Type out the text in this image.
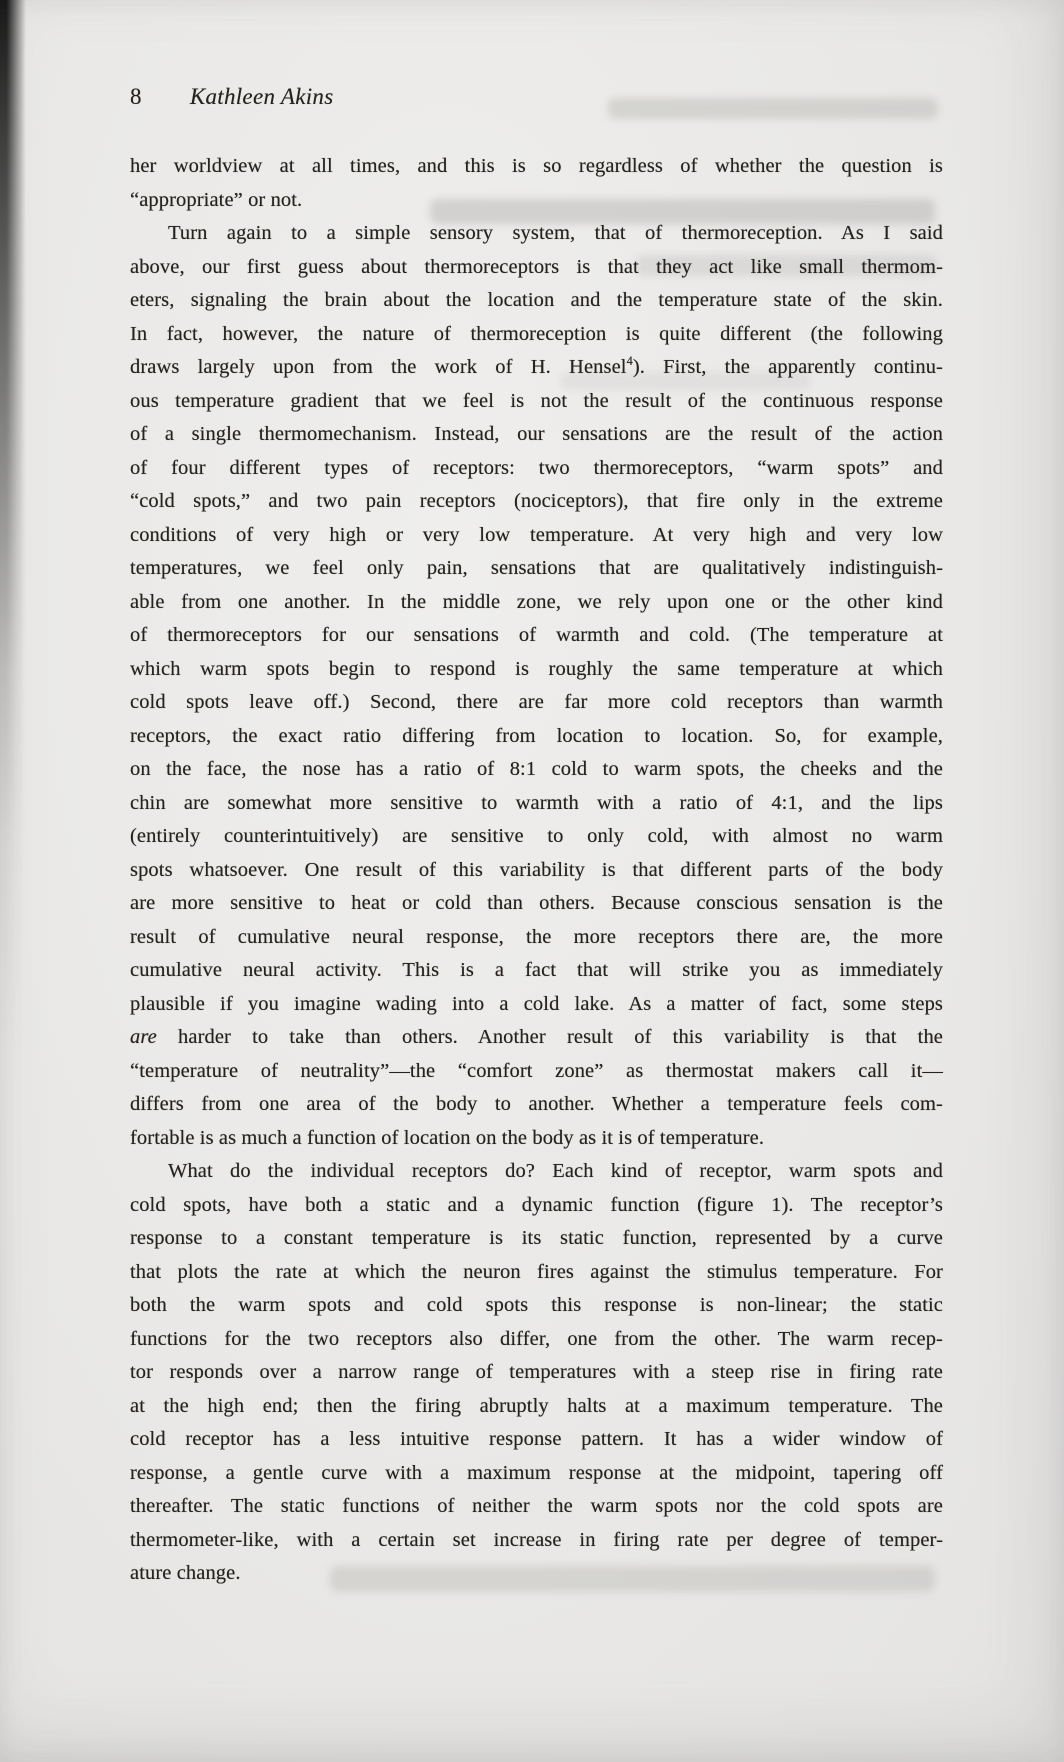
8 Kathleen Akins
her worldview at all times, and this is so regardless of whether the question is
“appropriate” or not.
Turn again to a simple sensory system, that of thermoreception. As I said
above, our first guess about thermoreceptors is that they act like small thermom-
eters, signaling the brain about the location and the temperature state of the skin.
In fact, however, the nature of thermoreception is quite different (the following
draws largely upon from the work of H. Hensel$^4$). First, the apparently continu-
ous temperature gradient that we feel is not the result of the continuous response
of a single thermomechanism. Instead, our sensations are the result of the action
of four different types of receptors: two thermoreceptors, “warm spots” and
“cold spots,” and two pain receptors (nociceptors), that fire only in the extreme
conditions of very high or very low temperature. At very high and very low
temperatures, we feel only pain, sensations that are qualitatively indistinguish-
able from one another. In the middle zone, we rely upon one or the other kind
of thermoreceptors for our sensations of warmth and cold. (The temperature at
which warm spots begin to respond is roughly the same temperature at which
cold spots leave off.) Second, there are far more cold receptors than warmth
receptors, the exact ratio differing from location to location. So, for example,
on the face, the nose has a ratio of 8:1 cold to warm spots, the cheeks and the
chin are somewhat more sensitive to warmth with a ratio of 4:1, and the lips
(entirely counterintuitively) are sensitive to only cold, with almost no warm
spots whatsoever. One result of this variability is that different parts of the body
are more sensitive to heat or cold than others. Because conscious sensation is the
result of cumulative neural response, the more receptors there are, the more
cumulative neural activity. This is a fact that will strike you as immediately
plausible if you imagine wading into a cold lake. As a matter of fact, some steps
are harder to take than others. Another result of this variability is that the
“temperature of neutrality”—the “comfort zone” as thermostat makers call it—
differs from one area of the body to another. Whether a temperature feels com-
fortable is as much a function of location on the body as it is of temperature.
What do the individual receptors do? Each kind of receptor, warm spots and
cold spots, have both a static and a dynamic function (figure 1). The receptor’s
response to a constant temperature is its static function, represented by a curve
that plots the rate at which the neuron fires against the stimulus temperature. For
both the warm spots and cold spots this response is non-linear; the static
functions for the two receptors also differ, one from the other. The warm recep-
tor responds over a narrow range of temperatures with a steep rise in firing rate
at the high end; then the firing abruptly halts at a maximum temperature. The
cold receptor has a less intuitive response pattern. It has a wider window of
response, a gentle curve with a maximum response at the midpoint, tapering off
thereafter. The static functions of neither the warm spots nor the cold spots are
thermometer-like, with a certain set increase in firing rate per degree of temper-
ature change.
